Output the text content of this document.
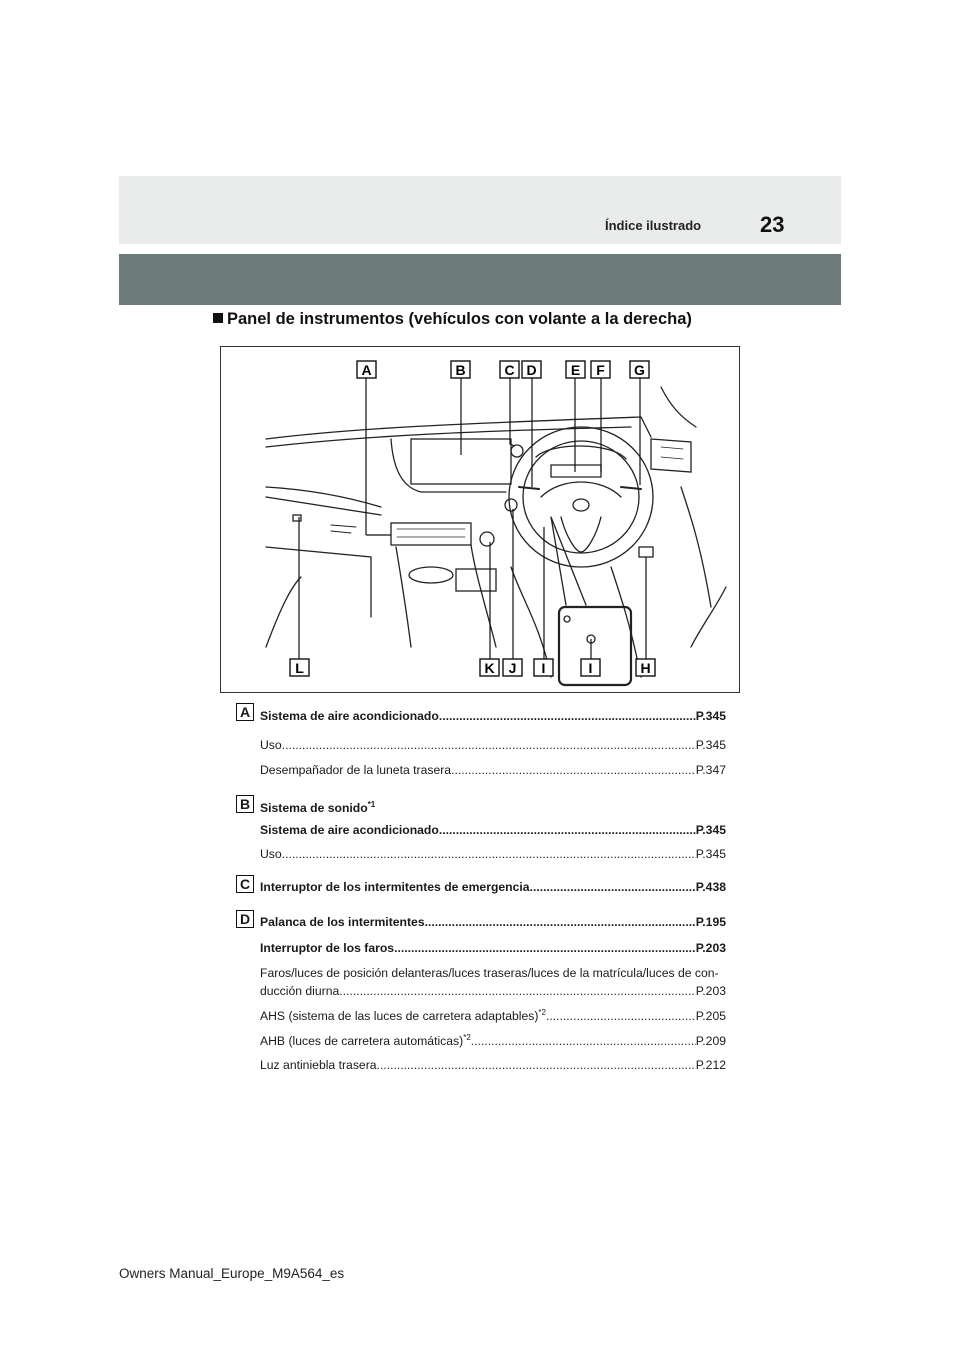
Índice ilustrado	23
Panel de instrumentos (vehículos con volante a la derecha)
A	B	C D E F G
L	K J I	I	H
A Sistema de aire acondicionado .....	P.345
Uso .....	P.345
Desempañador de la luneta trasera .....	P.347
B Sistema de sonido$^{*1}$
Sistema de aire acondicionado .....	P.345
Uso .....	P.345
C Interruptor de los intermitentes de emergencia .....	P.438
D Palanca de los intermitentes .....	P.195
Interruptor de los faros .....	P.203
Faros/luces de posición delanteras/luces traseras/luces de la matrícula/luces de con-
ducción diurna .....	P.203
AHS (sistema de las luces de carretera adaptables)$^{*2}$ .....	P.205
AHB (luces de carretera automáticas)$^{*2}$ .....	P.209
Luz antiniebla trasera .....	P.212
Owners Manual_Europe_M9A564_es
